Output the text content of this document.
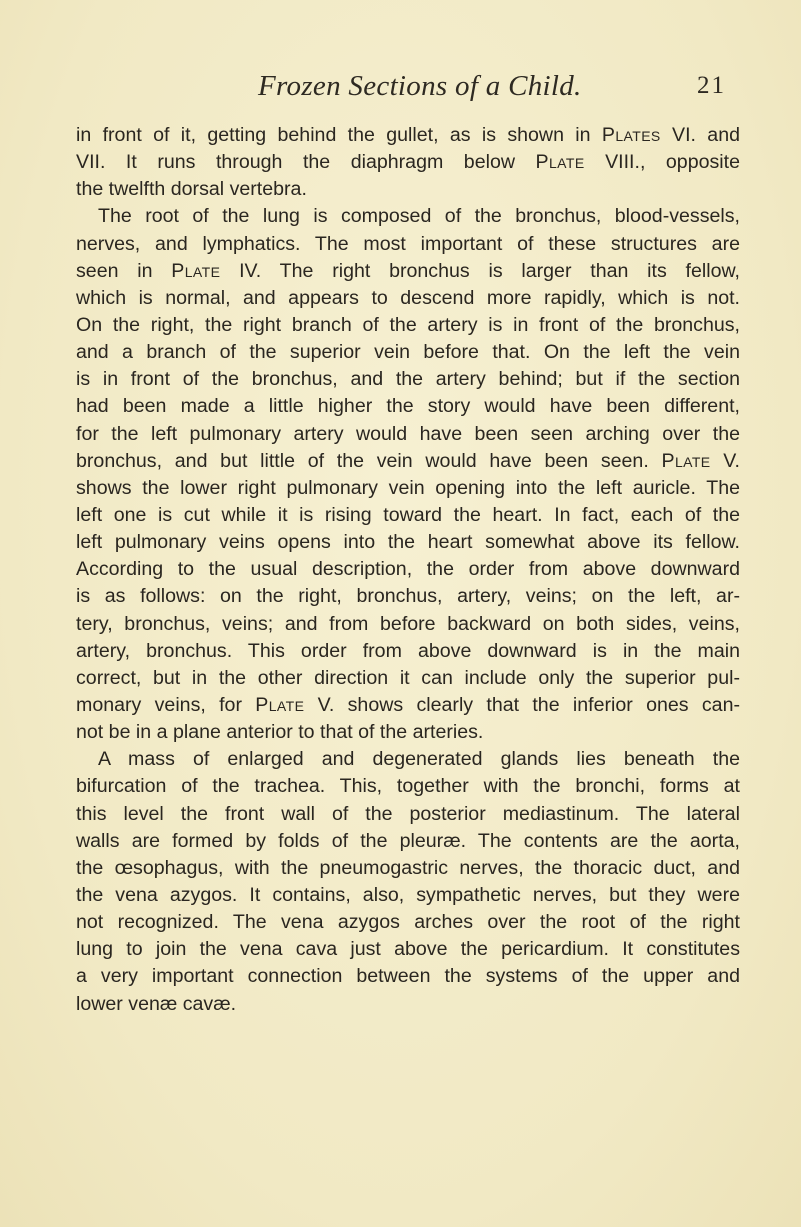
Frozen Sections of a Child.	21

in front of it, getting behind the gullet, as is shown in Plates VI. and
VII. It runs through the diaphragm below Plate VIII., opposite
the twelfth dorsal vertebra.

The root of the lung is composed of the bronchus, blood-vessels,
nerves, and lymphatics. The most important of these structures are
seen in Plate IV. The right bronchus is larger than its fellow,
which is normal, and appears to descend more rapidly, which is not.
On the right, the right branch of the artery is in front of the bronchus,
and a branch of the superior vein before that. On the left the vein
is in front of the bronchus, and the artery behind; but if the section
had been made a little higher the story would have been different,
for the left pulmonary artery would have been seen arching over the
bronchus, and but little of the vein would have been seen. Plate V.
shows the lower right pulmonary vein opening into the left auricle. The
left one is cut while it is rising toward the heart. In fact, each of the
left pulmonary veins opens into the heart somewhat above its fellow.
According to the usual description, the order from above downward
is as follows: on the right, bronchus, artery, veins; on the left, ar-
tery, bronchus, veins; and from before backward on both sides, veins,
artery, bronchus. This order from above downward is in the main
correct, but in the other direction it can include only the superior pul-
monary veins, for Plate V. shows clearly that the inferior ones can-
not be in a plane anterior to that of the arteries.

A mass of enlarged and degenerated glands lies beneath the
bifurcation of the trachea. This, together with the bronchi, forms at
this level the front wall of the posterior mediastinum. The lateral
walls are formed by folds of the pleuræ. The contents are the aorta,
the œsophagus, with the pneumogastric nerves, the thoracic duct, and
the vena azygos. It contains, also, sympathetic nerves, but they were
not recognized. The vena azygos arches over the root of the right
lung to join the vena cava just above the pericardium. It constitutes
a very important connection between the systems of the upper and
lower venæ cavæ.
